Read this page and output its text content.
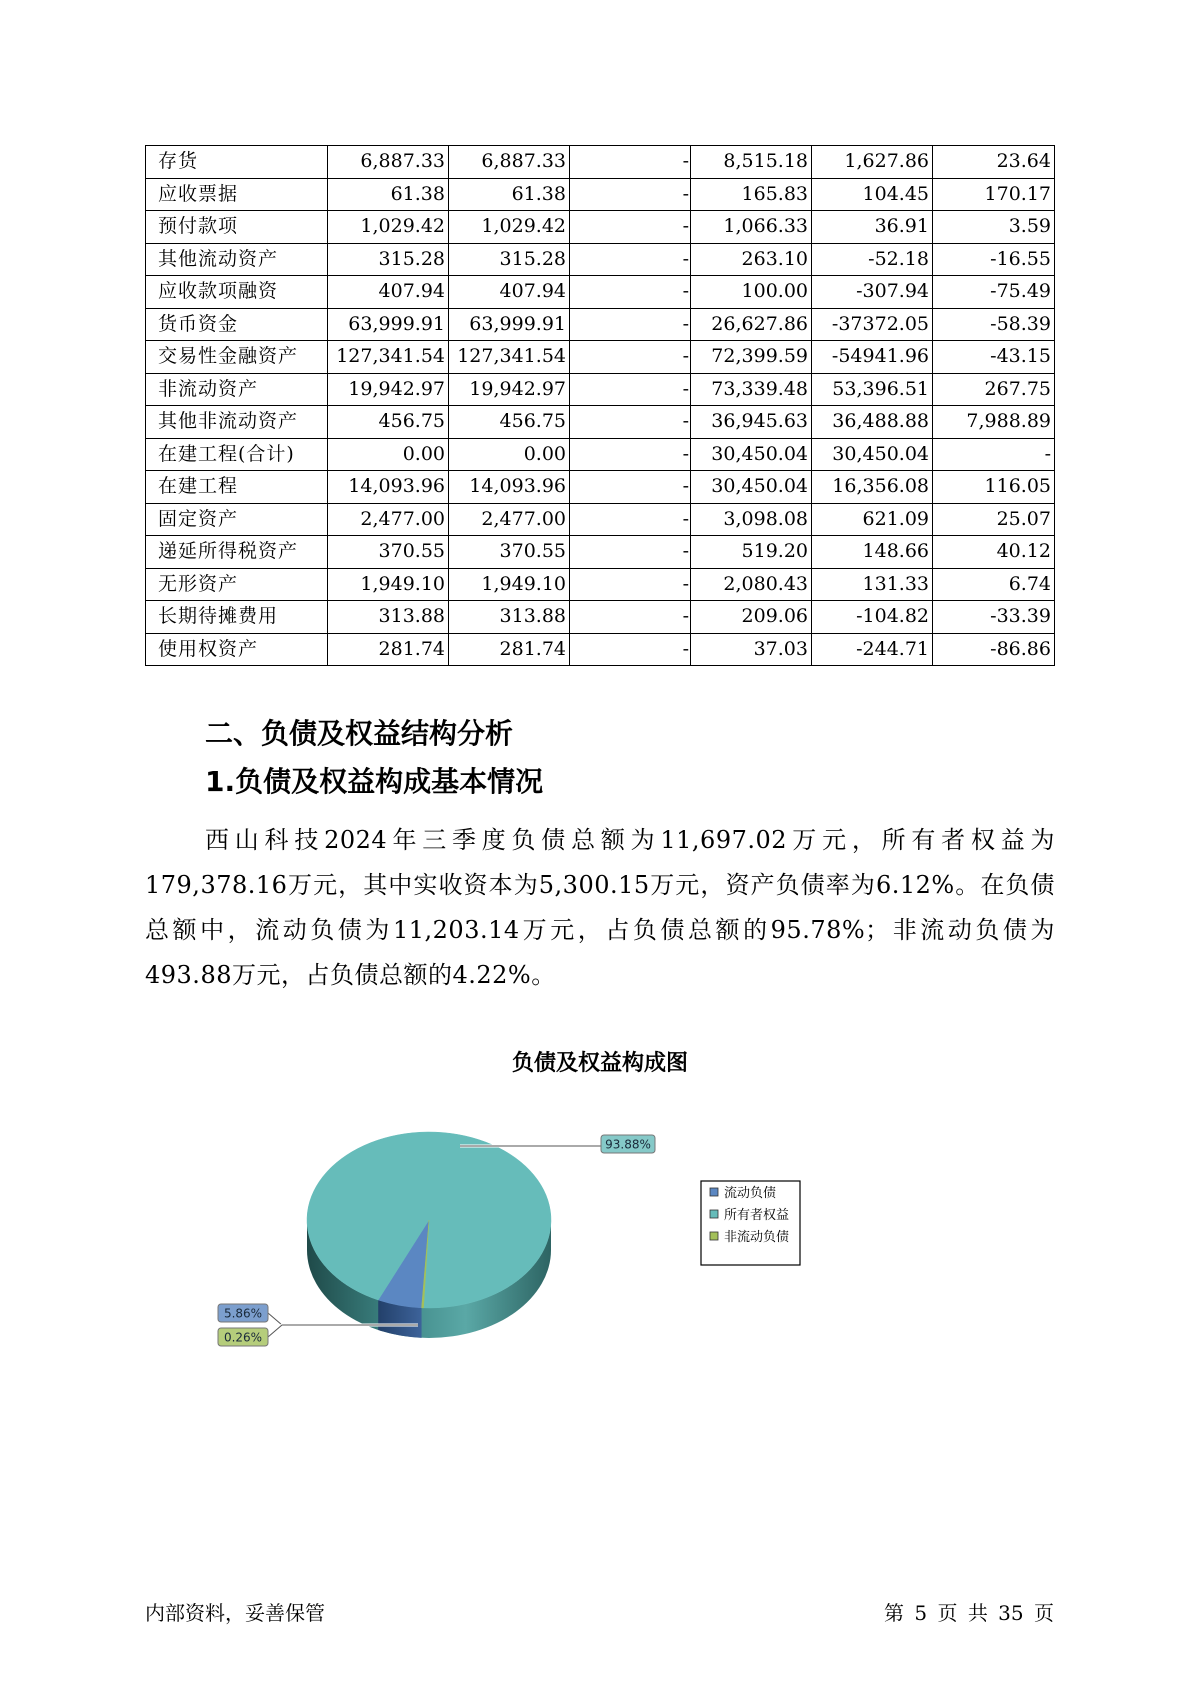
存货	6,887.33	6,887.33	-	8,515.18	1,627.86	23.64
应收票据	61.38	61.38	-	165.83	104.45	170.17
预付款项	1,029.42	1,029.42	-	1,066.33	36.91	3.59
其他流动资产	315.28	315.28	-	263.10	-52.18	-16.55
应收款项融资	407.94	407.94	-	100.00	-307.94	-75.49
货币资金	63,999.91	63,999.91	-	26,627.86	-37372.05	-58.39
交易性金融资产	127,341.54	127,341.54	-	72,399.59	-54941.96	-43.15
非流动资产	19,942.97	19,942.97	-	73,339.48	53,396.51	267.75
其他非流动资产	456.75	456.75	-	36,945.63	36,488.88	7,988.89
在建工程(合计)	0.00	0.00	-	30,450.04	30,450.04	-
在建工程	14,093.96	14,093.96	-	30,450.04	16,356.08	116.05
固定资产	2,477.00	2,477.00	-	3,098.08	621.09	25.07
递延所得税资产	370.55	370.55	-	519.20	148.66	40.12
无形资产	1,949.10	1,949.10	-	2,080.43	131.33	6.74
长期待摊费用	313.88	313.88	-	209.06	-104.82	-33.39
使用权资产	281.74	281.74	-	37.03	-244.71	-86.86
二、负债及权益结构分析
1.负债及权益构成基本情况

西山科技2024年三季度负债总额为11,697.02万元，所有者权益为179,378.16万元，其中实收资本为5,300.15万元，资产负债率为6.12%。在负债总额中，流动负债为11,203.14万元，占负债总额的95.78%；非流动负债为493.88万元，占负债总额的4.22%。

负债及权益构成图
5.86%
93.88%
0.26%
流动负债
所有者权益
非流动负债
内部资料，妥善保管	第 5 页 共 35 页
